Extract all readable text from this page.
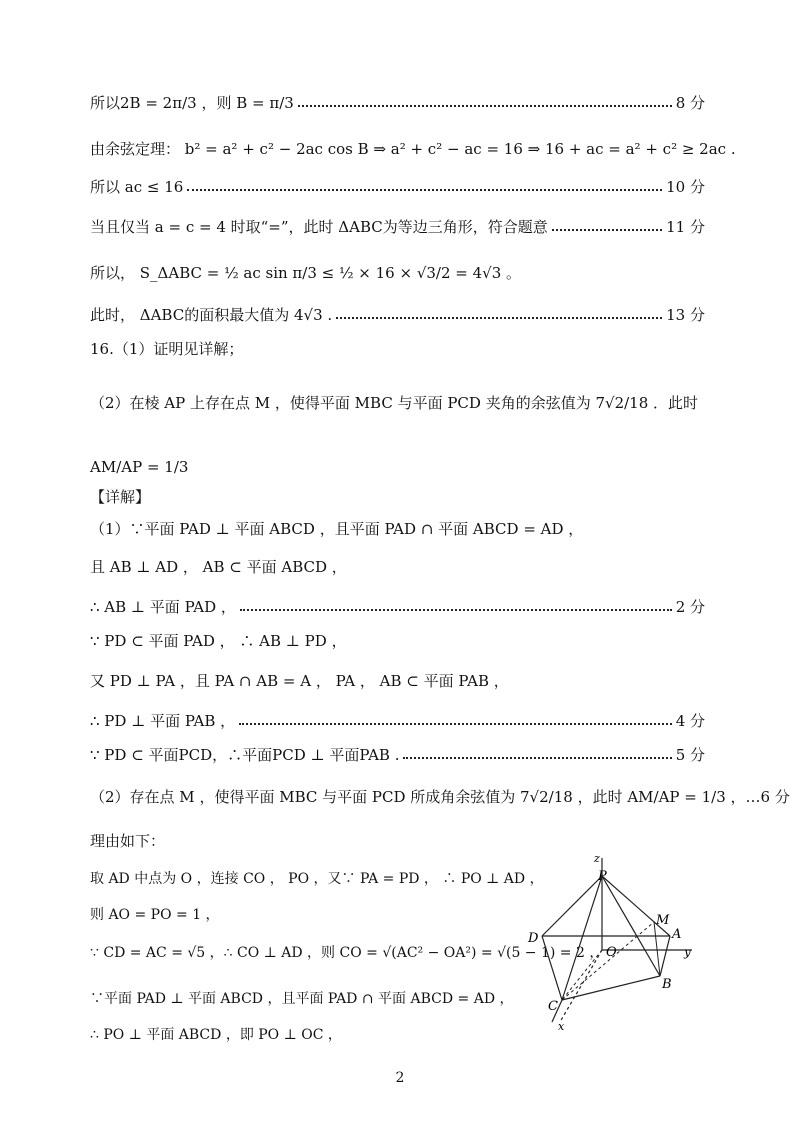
所以2B = 2π/3 ，则 B = π/3	8 分
由余弦定理： b² = a² + c² − 2ac cos B ⇒ a² + c² − ac = 16 ⇒ 16 + ac = a² + c² ≥ 2ac .
所以 ac ≤ 16	10 分
当且仅当 a = c = 4 时取“=”，此时 ΔABC为等边三角形，符合题意	11 分
所以， S_ΔABC = ½ ac sin π/3 ≤ ½ × 16 × √3/2 = 4√3 。
此时， ΔABC的面积最大值为 4√3 .	13 分
16.（1）证明见详解；
（2）在棱 AP 上存在点 M ，使得平面 MBC 与平面 PCD 夹角的余弦值为 7√2/18 ．此时
AM/AP = 1/3
【详解】
（1）∵平面 PAD ⊥ 平面 ABCD ，且平面 PAD ∩ 平面 ABCD = AD ，
且 AB ⊥ AD ， AB ⊂ 平面 ABCD ，
∴ AB ⊥ 平面 PAD ，	2 分
∵ PD ⊂ 平面 PAD ， ∴ AB ⊥ PD ，
又 PD ⊥ PA ，且 PA ∩ AB = A ， PA ， AB ⊂ 平面 PAB ，
∴ PD ⊥ 平面 PAB ，	4 分
∵ PD ⊂ 平面PCD，∴平面PCD ⊥ 平面PAB .	5 分
（2）存在点 M ，使得平面 MBC 与平面 PCD 所成角余弦值为 7√2/18 ，此时 AM/AP = 1/3 ，…6 分
理由如下：
取 AD 中点为 O ，连接 CO ， PO ，又∵ PA = PD ， ∴ PO ⊥ AD ，
则 AO = PO = 1 ，
∵ CD = AC = √5 ，∴ CO ⊥ AD ，则 CO = √(AC² − OA²) = √(5 − 1) = 2 ，
∵平面 PAD ⊥ 平面 ABCD ，且平面 PAD ∩ 平面 ABCD = AD ，
∴ PO ⊥ 平面 ABCD ，即 PO ⊥ OC ，
z
P
M
A
D
O	y
B
C
x
2
